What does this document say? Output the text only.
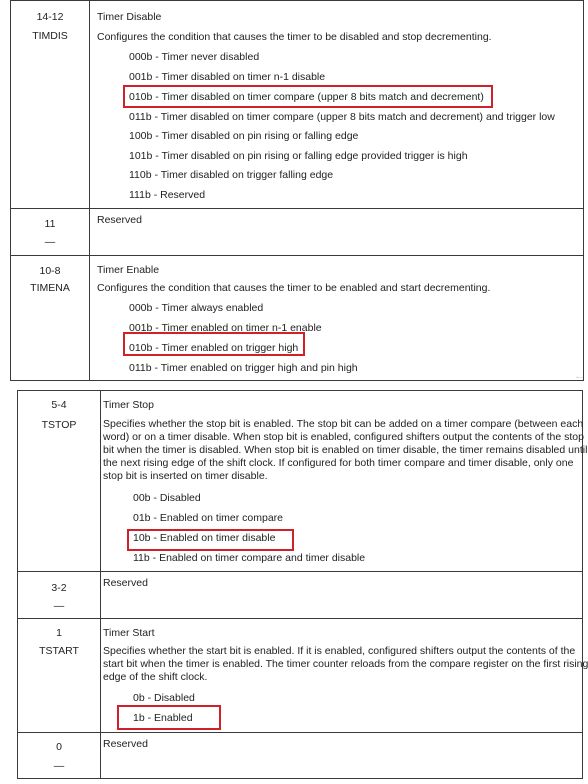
14-12
TIMDIS
Timer Disable
Configures the condition that causes the timer to be disabled and stop decrementing.
000b - Timer never disabled
001b - Timer disabled on timer n-1 disable
010b - Timer disabled on timer compare (upper 8 bits match and decrement)
011b - Timer disabled on timer compare (upper 8 bits match and decrement) and trigger low
100b - Timer disabled on pin rising or falling edge
101b - Timer disabled on pin rising or falling edge provided trigger is high
110b - Timer disabled on trigger falling edge
111b - Reserved
11
—
Reserved
10-8
TIMENA
Timer Enable
Configures the condition that causes the timer to be enabled and start decrementing.
000b - Timer always enabled
001b - Timer enabled on timer n-1 enable
010b - Timer enabled on trigger high
011b - Timer enabled on trigger high and pin high
←
5-4
TSTOP
Timer Stop
Specifies whether the stop bit is enabled. The stop bit can be added on a timer compare (between each
word) or on a timer disable. When stop bit is enabled, configured shifters output the contents of the stop
bit when the timer is disabled. When stop bit is enabled on timer disable, the timer remains disabled until
the next rising edge of the shift clock. If configured for both timer compare and timer disable, only one
stop bit is inserted on timer disable.
00b - Disabled
01b - Enabled on timer compare
10b - Enabled on timer disable
11b - Enabled on timer compare and timer disable
3-2
—
Reserved
1
TSTART
Timer Start
Specifies whether the start bit is enabled. If it is enabled, configured shifters output the contents of the
start bit when the timer is enabled. The timer counter reloads from the compare register on the first rising
edge of the shift clock.
0b - Disabled
1b - Enabled
0
—
Reserved
